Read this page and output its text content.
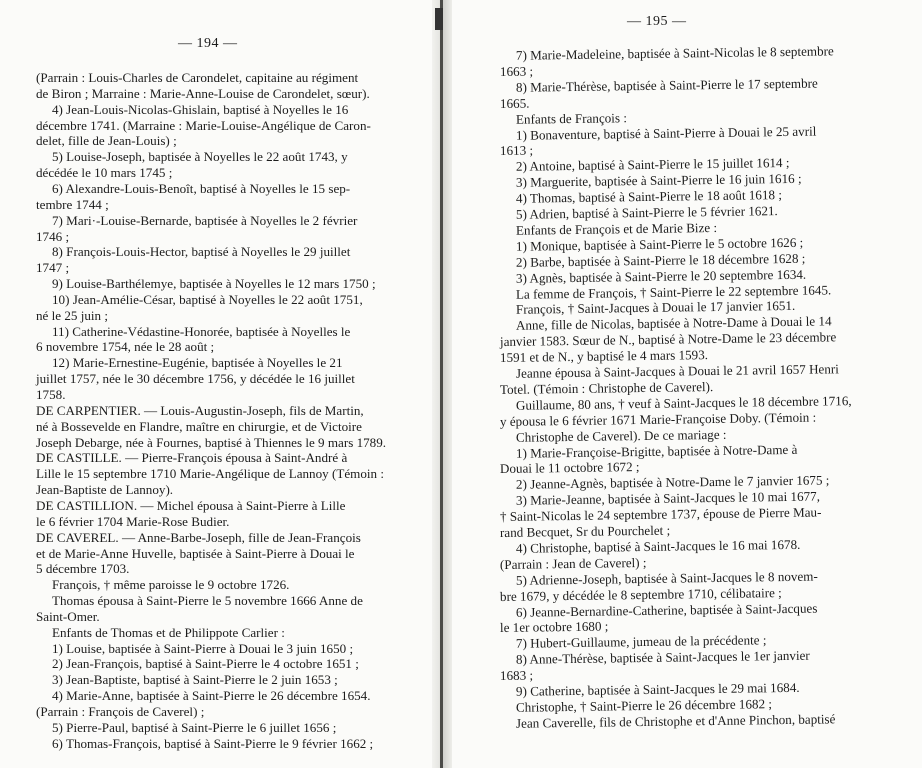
— 194 —
(Parrain : Louis-Charles de Carondelet, capitaine au régiment
de Biron ; Marraine : Marie-Anne-Louise de Carondelet, sœur).
4) Jean-Louis-Nicolas-Ghislain, baptisé à Noyelles le 16
décembre 1741. (Marraine : Marie-Louise-Angélique de Caron-
delet, fille de Jean-Louis) ;
5) Louise-Joseph, baptisée à Noyelles le 22 août 1743, y
décédée le 10 mars 1745 ;
6) Alexandre-Louis-Benoît, baptisé à Noyelles le 15 sep-
tembre 1744 ;
7) Mari·-Louise-Bernarde, baptisée à Noyelles le 2 février
1746 ;
8) François-Louis-Hector, baptisé à Noyelles le 29 juillet
1747 ;
9) Louise-Barthélemye, baptisée à Noyelles le 12 mars 1750 ;
10) Jean-Amélie-César, baptisé à Noyelles le 22 août 1751,
né le 25 juin ;
11) Catherine-Védastine-Honorée, baptisée à Noyelles le
6 novembre 1754, née le 28 août ;
12) Marie-Ernestine-Eugénie, baptisée à Noyelles le 21
juillet 1757, née le 30 décembre 1756, y décédée le 16 juillet
1758.
DE CARPENTIER. — Louis-Augustin-Joseph, fils de Martin,
né à Bossevelde en Flandre, maître en chirurgie, et de Victoire
Joseph Debarge, née à Fournes, baptisé à Thiennes le 9 mars 1789.
DE CASTILLE. — Pierre-François épousa à Saint-André à
Lille le 15 septembre 1710 Marie-Angélique de Lannoy (Témoin :
Jean-Baptiste de Lannoy).
DE CASTILLION. — Michel épousa à Saint-Pierre à Lille
le 6 février 1704 Marie-Rose Budier.
DE CAVEREL. — Anne-Barbe-Joseph, fille de Jean-François
et de Marie-Anne Huvelle, baptisée à Saint-Pierre à Douai le
5 décembre 1703.
François, † même paroisse le 9 octobre 1726.
Thomas épousa à Saint-Pierre le 5 novembre 1666 Anne de
Saint-Omer.
Enfants de Thomas et de Philippote Carlier :
1) Louise, baptisée à Saint-Pierre à Douai le 3 juin 1650 ;
2) Jean-François, baptisé à Saint-Pierre le 4 octobre 1651 ;
3) Jean-Baptiste, baptisé à Saint-Pierre le 2 juin 1653 ;
4) Marie-Anne, baptisée à Saint-Pierre le 26 décembre 1654.
(Parrain : François de Caverel) ;
5) Pierre-Paul, baptisé à Saint-Pierre le 6 juillet 1656 ;
6) Thomas-François, baptisé à Saint-Pierre le 9 février 1662 ;
— 195 —
7) Marie-Madeleine, baptisée à Saint-Nicolas le 8 septembre
1663 ;
8) Marie-Thérèse, baptisée à Saint-Pierre le 17 septembre
1665.
Enfants de François :
1) Bonaventure, baptisé à Saint-Pierre à Douai le 25 avril
1613 ;
2) Antoine, baptisé à Saint-Pierre le 15 juillet 1614 ;
3) Marguerite, baptisée à Saint-Pierre le 16 juin 1616 ;
4) Thomas, baptisé à Saint-Pierre le 18 août 1618 ;
5) Adrien, baptisé à Saint-Pierre le 5 février 1621.
Enfants de François et de Marie Bize :
1) Monique, baptisée à Saint-Pierre le 5 octobre 1626 ;
2) Barbe, baptisée à Saint-Pierre le 18 décembre 1628 ;
3) Agnès, baptisée à Saint-Pierre le 20 septembre 1634.
La femme de François, † Saint-Pierre le 22 septembre 1645.
François, † Saint-Jacques à Douai le 17 janvier 1651.
Anne, fille de Nicolas, baptisée à Notre-Dame à Douai le 14
janvier 1583. Sœur de N., baptisé à Notre-Dame le 23 décembre
1591 et de N., y baptisé le 4 mars 1593.
Jeanne épousa à Saint-Jacques à Douai le 21 avril 1657 Henri
Totel. (Témoin : Christophe de Caverel).
Guillaume, 80 ans, † veuf à Saint-Jacques le 18 décembre 1716,
y épousa le 6 février 1671 Marie-Françoise Doby. (Témoin :
Christophe de Caverel). De ce mariage :
1) Marie-Françoise-Brigitte, baptisée à Notre-Dame à
Douai le 11 octobre 1672 ;
2) Jeanne-Agnès, baptisée à Notre-Dame le 7 janvier 1675 ;
3) Marie-Jeanne, baptisée à Saint-Jacques le 10 mai 1677,
† Saint-Nicolas le 24 septembre 1737, épouse de Pierre Mau-
rand Becquet, Sr du Pourchelet ;
4) Christophe, baptisé à Saint-Jacques le 16 mai 1678.
(Parrain : Jean de Caverel) ;
5) Adrienne-Joseph, baptisée à Saint-Jacques le 8 novem-
bre 1679, y décédée le 8 septembre 1710, célibataire ;
6) Jeanne-Bernardine-Catherine, baptisée à Saint-Jacques
le 1er octobre 1680 ;
7) Hubert-Guillaume, jumeau de la précédente ;
8) Anne-Thérèse, baptisée à Saint-Jacques le 1er janvier
1683 ;
9) Catherine, baptisée à Saint-Jacques le 29 mai 1684.
Christophe, † Saint-Pierre le 26 décembre 1682 ;
Jean Caverelle, fils de Christophe et d'Anne Pinchon, baptisé
